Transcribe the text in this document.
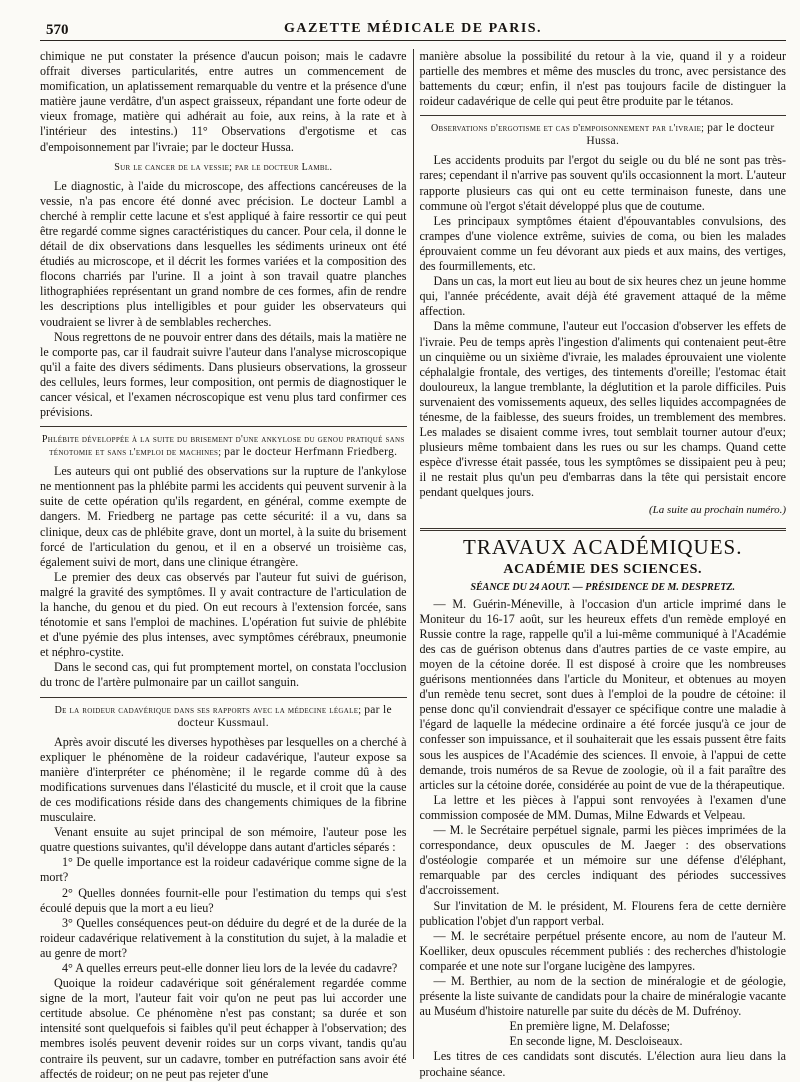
570	GAZETTE MÉDICALE DE PARIS.

chimique ne put constater la présence d'aucun poison; mais le cadavre offrait diverses particularités, entre autres un commencement de momification, un aplatissement remarquable du ventre et la présence d'une matière jaune verdâtre, d'un aspect graisseux, répandant une forte odeur de vieux fromage, matière qui adhérait au foie, aux reins, à la rate et à l'intérieur des intestins.) 11° Observations d'ergotisme et cas d'empoisonnement par l'ivraie; par le docteur Hussa.

Sur le cancer de la vessie; par le docteur Lambl.

Le diagnostic, à l'aide du microscope, des affections cancéreuses de la vessie, n'a pas encore été donné avec précision. Le docteur Lambl a cherché à remplir cette lacune et s'est appliqué à faire ressortir ce qui peut être regardé comme signes caractéristiques du cancer. Pour cela, il donne le détail de dix observations dans lesquelles les sédiments urineux ont été étudiés au microscope, et il décrit les formes variées et la composition des flocons charriés par l'urine. Il a joint à son travail quatre planches lithographiées représentant un grand nombre de ces formes, afin de rendre les descriptions plus intelligibles et pour guider les observateurs qui voudraient se livrer à de semblables recherches.

Nous regrettons de ne pouvoir entrer dans des détails, mais la matière ne le comporte pas, car il faudrait suivre l'auteur dans l'analyse microscopique qu'il a faite des divers sédiments. Dans plusieurs observations, la grosseur des cellules, leurs formes, leur composition, ont permis de diagnostiquer le cancer vésical, et l'examen nécroscopique est venu plus tard confirmer ces prévisions.

Phlébite développée à la suite du brisement d'une ankylose du genou pratiqué sans ténotomie et sans l'emploi de machines; par le docteur Herfmann Friedberg.

Les auteurs qui ont publié des observations sur la rupture de l'ankylose ne mentionnent pas la phlébite parmi les accidents qui peuvent survenir à la suite de cette opération qu'ils regardent, en général, comme exempte de dangers. M. Friedberg ne partage pas cette sécurité: il a vu, dans sa clinique, deux cas de phlébite grave, dont un mortel, à la suite du brisement forcé de l'articulation du genou, et il en a observé un troisième cas, également suivi de mort, dans une clinique étrangère.

Le premier des deux cas observés par l'auteur fut suivi de guérison, malgré la gravité des symptômes. Il y avait contracture de l'articulation de la hanche, du genou et du pied. On eut recours à l'extension forcée, sans ténotomie et sans l'emploi de machines. L'opération fut suivie de phlébite et d'une pyémie des plus intenses, avec symptômes cérébraux, pneumonie et néphro-cystite.

Dans le second cas, qui fut promptement mortel, on constata l'occlusion du tronc de l'artère pulmonaire par un caillot sanguin.

De la roideur cadavérique dans ses rapports avec la médecine légale; par le docteur Kussmaul.

Après avoir discuté les diverses hypothèses par lesquelles on a cherché à expliquer le phénomène de la roideur cadavérique, l'auteur expose sa manière d'interpréter ce phénomène; il le regarde comme dû à des modifications survenues dans l'élasticité du muscle, et il croit que la cause de ces modifications réside dans des changements chimiques de la fibrine musculaire.

Venant ensuite au sujet principal de son mémoire, l'auteur pose les quatre questions suivantes, qu'il développe dans autant d'articles séparés :

1° De quelle importance est la roideur cadavérique comme signe de la mort?

2° Quelles données fournit-elle pour l'estimation du temps qui s'est écoulé depuis que la mort a eu lieu?

3° Quelles conséquences peut-on déduire du degré et de la durée de la roideur cadavérique relativement à la constitution du sujet, à la maladie et au genre de mort?

4° A quelles erreurs peut-elle donner lieu lors de la levée du cadavre?

Quoique la roideur cadavérique soit généralement regardée comme signe de la mort, l'auteur fait voir qu'on ne peut pas lui accorder une certitude absolue. Ce phénomène n'est pas constant; sa durée et son intensité sont quelquefois si faibles qu'il peut échapper à l'observation; des membres isolés peuvent devenir roides sur un corps vivant, tandis qu'au contraire ils peuvent, sur un cadavre, tomber en putréfaction sans avoir été affectés de roideur; on ne peut pas rejeter d'une

manière absolue la possibilité du retour à la vie, quand il y a roideur partielle des membres et même des muscles du tronc, avec persistance des battements du cœur; enfin, il n'est pas toujours facile de distinguer la roideur cadavérique de celle qui peut être produite par le tétanos.

Observations d'ergotisme et cas d'empoisonnement par l'ivraie; par le docteur Hussa.

Les accidents produits par l'ergot du seigle ou du blé ne sont pas très-rares; cependant il n'arrive pas souvent qu'ils occasionnent la mort. L'auteur rapporte plusieurs cas qui ont eu cette terminaison funeste, dans une commune où l'ergot s'était développé plus que de coutume.

Les principaux symptômes étaient d'épouvantables convulsions, des crampes d'une violence extrême, suivies de coma, ou bien les malades éprouvaient comme un feu dévorant aux pieds et aux mains, des vertiges, des fourmillements, etc.

Dans un cas, la mort eut lieu au bout de six heures chez un jeune homme qui, l'année précédente, avait déjà été gravement attaqué de la même affection.

Dans la même commune, l'auteur eut l'occasion d'observer les effets de l'ivraie. Peu de temps après l'ingestion d'aliments qui contenaient peut-être un cinquième ou un sixième d'ivraie, les malades éprouvaient une violente céphalalgie frontale, des vertiges, des tintements d'oreille; l'estomac était douloureux, la langue tremblante, la déglutition et la parole difficiles. Puis survenaient des vomissements aqueux, des selles liquides accompagnées de ténesme, de la faiblesse, des sueurs froides, un tremblement des membres. Les malades se disaient comme ivres, tout semblait tourner autour d'eux; plusieurs même tombaient dans les rues ou sur les champs. Quand cette espèce d'ivresse était passée, tous les symptômes se dissipaient peu à peu; il ne restait plus qu'un peu d'embarras dans la tête qui persistait encore pendant quelques jours.

(La suite au prochain numéro.)

TRAVAUX ACADÉMIQUES.
ACADÉMIE DES SCIENCES.
SÉANCE DU 24 AOUT. — PRÉSIDENCE DE M. DESPRETZ.

— M. Guérin-Méneville, à l'occasion d'un article imprimé dans le Moniteur du 16-17 août, sur les heureux effets d'un remède employé en Russie contre la rage, rappelle qu'il a lui-même communiqué à l'Académie des cas de guérison obtenus dans d'autres parties de ce vaste empire, au moyen de la cétoine dorée. Il est disposé à croire que les nombreuses guérisons mentionnées dans l'article du Moniteur, et obtenues au moyen d'un remède tenu secret, sont dues à l'emploi de la poudre de cétoine: il pense donc qu'il conviendrait d'essayer ce spécifique contre une maladie à l'égard de laquelle la médecine ordinaire a été forcée jusqu'à ce jour de confesser son impuissance, et il souhaiterait que les essais pussent être faits sous les auspices de l'Académie des sciences. Il envoie, à l'appui de cette demande, trois numéros de sa Revue de zoologie, où il a fait paraître des articles sur la cétoine dorée, considérée au point de vue de la thérapeutique.

La lettre et les pièces à l'appui sont renvoyées à l'examen d'une commission composée de MM. Dumas, Milne Edwards et Velpeau.

— M. le Secrétaire perpétuel signale, parmi les pièces imprimées de la correspondance, deux opuscules de M. Jaeger : des observations d'ostéologie comparée et un mémoire sur une défense d'éléphant, remarquable par des cercles indiquant des périodes successives d'accroissement.

Sur l'invitation de M. le président, M. Flourens fera de cette dernière publication l'objet d'un rapport verbal.

— M. le secrétaire perpétuel présente encore, au nom de l'auteur M. Koelliker, deux opuscules récemment publiés : des recherches d'histologie comparée et une note sur l'organe lucigène des lampyres.

— M. Berthier, au nom de la section de minéralogie et de géologie, présente la liste suivante de candidats pour la chaire de minéralogie vacante au Muséum d'histoire naturelle par suite du décès de M. Dufrénoy.

En première ligne, M. Delafosse;

En seconde ligne, M. Descloiseaux.

Les titres de ces candidats sont discutés. L'élection aura lieu dans la prochaine séance.
